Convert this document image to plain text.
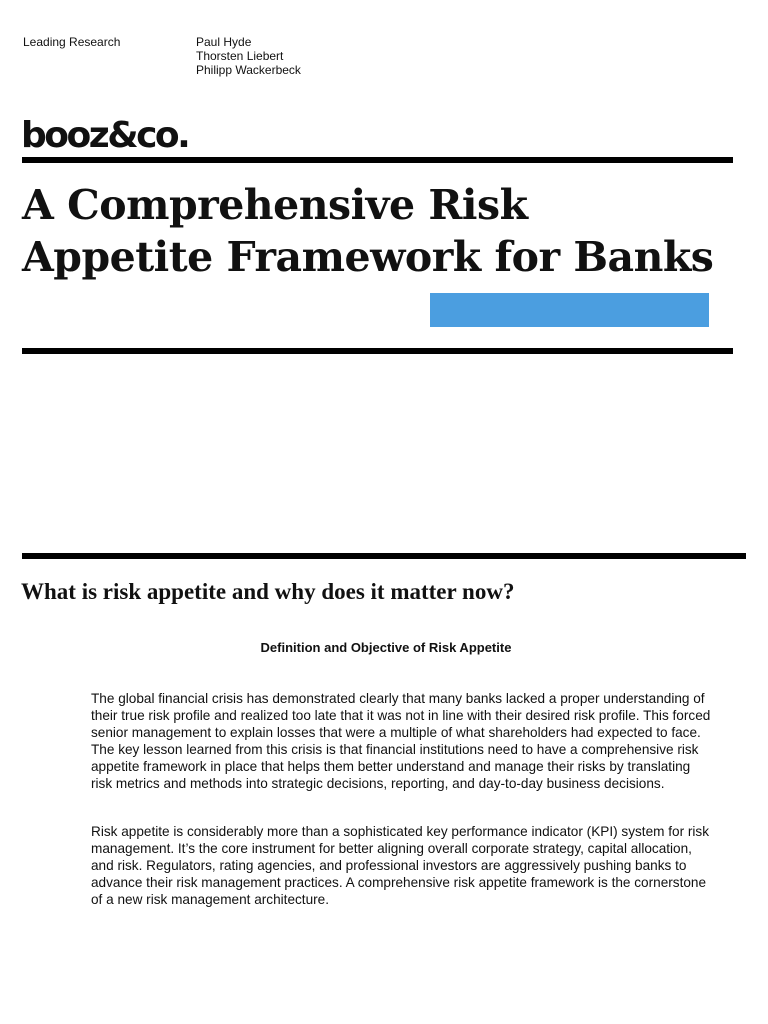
Leading Research	Paul Hyde
Thorsten Liebert
Philipp Wackerbeck
booz&co.
A Comprehensive Risk
Appetite Framework for Banks
What is risk appetite and why does it matter now?
Definition and Objective of Risk Appetite
The global financial crisis has demonstrated clearly that many banks lacked a proper understanding of their true risk profile and realized too late that it was not in line with their desired risk profile. This forced senior management to explain losses that were a multiple of what shareholders had expected to face. The key lesson learned from this crisis is that financial institutions need to have a comprehensive risk appetite framework in place that helps them better understand and manage their risks by translating risk metrics and methods into strategic decisions, reporting, and day-to-day business decisions.
Risk appetite is considerably more than a sophisticated key performance indicator (KPI) system for risk management. It’s the core instrument for better aligning overall corporate strategy, capital allocation, and risk. Regulators, rating agencies, and professional investors are aggressively pushing banks to advance their risk management practices. A comprehensive risk appetite framework is the cornerstone of a new risk management architecture.
